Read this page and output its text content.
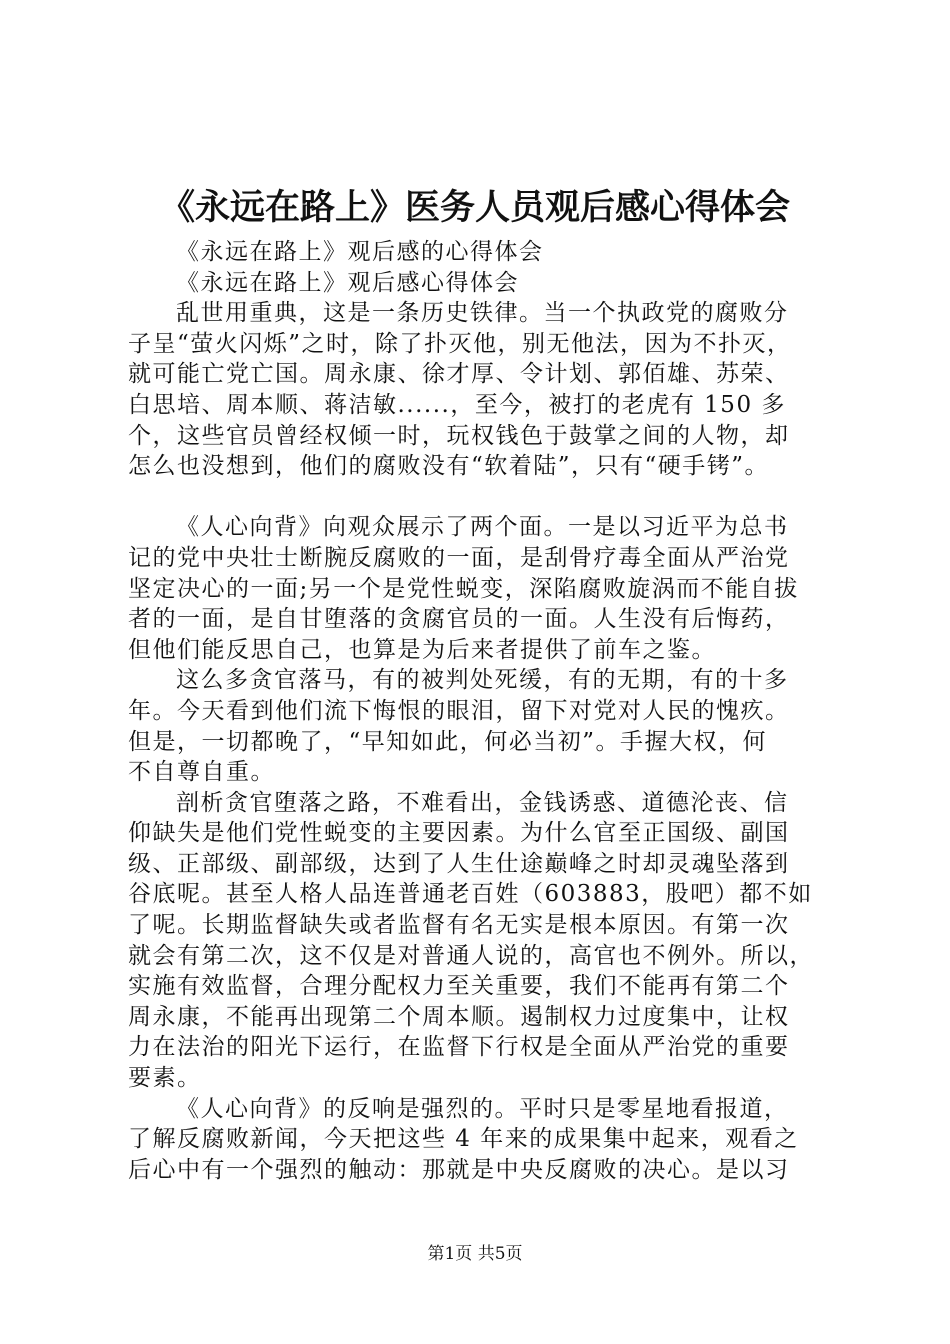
《永远在路上》医务人员观后感心得体会

《永远在路上》观后感的心得体会

《永远在路上》观后感心得体会

乱世用重典，这是一条历史铁律。当一个执政党的腐败分

子呈“萤火闪烁”之时，除了扑灭他，别无他法，因为不扑灭，

就可能亡党亡国。周永康、徐才厚、令计划、郭佰雄、苏荣、

白思培、周本顺、蒋洁敏......，至今，被打的老虎有 150 多

个，这些官员曾经权倾一时，玩权钱色于鼓掌之间的人物，却

怎么也没想到，他们的腐败没有“软着陆”，只有“硬手铐”。

《人心向背》向观众展示了两个面。一是以习近平为总书

记的党中央壮士断腕反腐败的一面，是刮骨疗毒全面从严治党

坚定决心的一面;另一个是党性蜕变，深陷腐败旋涡而不能自拔

者的一面，是自甘堕落的贪腐官员的一面。人生没有后悔药，

但他们能反思自己，也算是为后来者提供了前车之鉴。

这么多贪官落马，有的被判处死缓，有的无期，有的十多

年。今天看到他们流下悔恨的眼泪，留下对党对人民的愧疚。

但是，一切都晚了，“早知如此，何必当初”。手握大权，何

不自尊自重。

剖析贪官堕落之路，不难看出，金钱诱惑、道德沦丧、信

仰缺失是他们党性蜕变的主要因素。为什么官至正国级、副国

级、正部级、副部级，达到了人生仕途巅峰之时却灵魂坠落到

谷底呢。甚至人格人品连普通老百姓（603883，股吧）都不如

了呢。长期监督缺失或者监督有名无实是根本原因。有第一次

就会有第二次，这不仅是对普通人说的，高官也不例外。所以，

实施有效监督，合理分配权力至关重要，我们不能再有第二个

周永康，不能再出现第二个周本顺。遏制权力过度集中，让权

力在法治的阳光下运行，在监督下行权是全面从严治党的重要

要素。

《人心向背》的反响是强烈的。平时只是零星地看报道，

了解反腐败新闻，今天把这些 4 年来的成果集中起来，观看之

后心中有一个强烈的触动：那就是中央反腐败的决心。是以习

第1页 共5页
